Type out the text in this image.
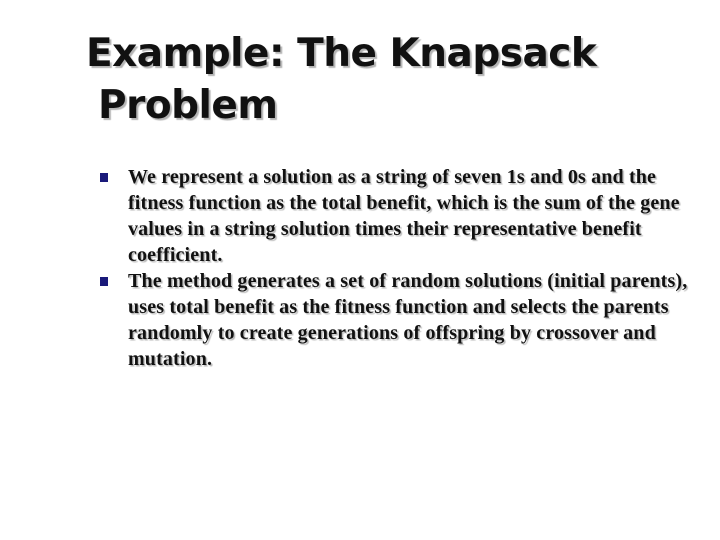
Example: The Knapsack
Problem
We represent a solution as a string of seven 1s and 0s and the fitness function as the total benefit, which is the sum of the gene values in a string solution times their representative benefit coefficient.
The method generates a set of random solutions (initial parents), uses total benefit as the fitness function and selects the parents randomly to create generations of offspring by crossover and mutation.
